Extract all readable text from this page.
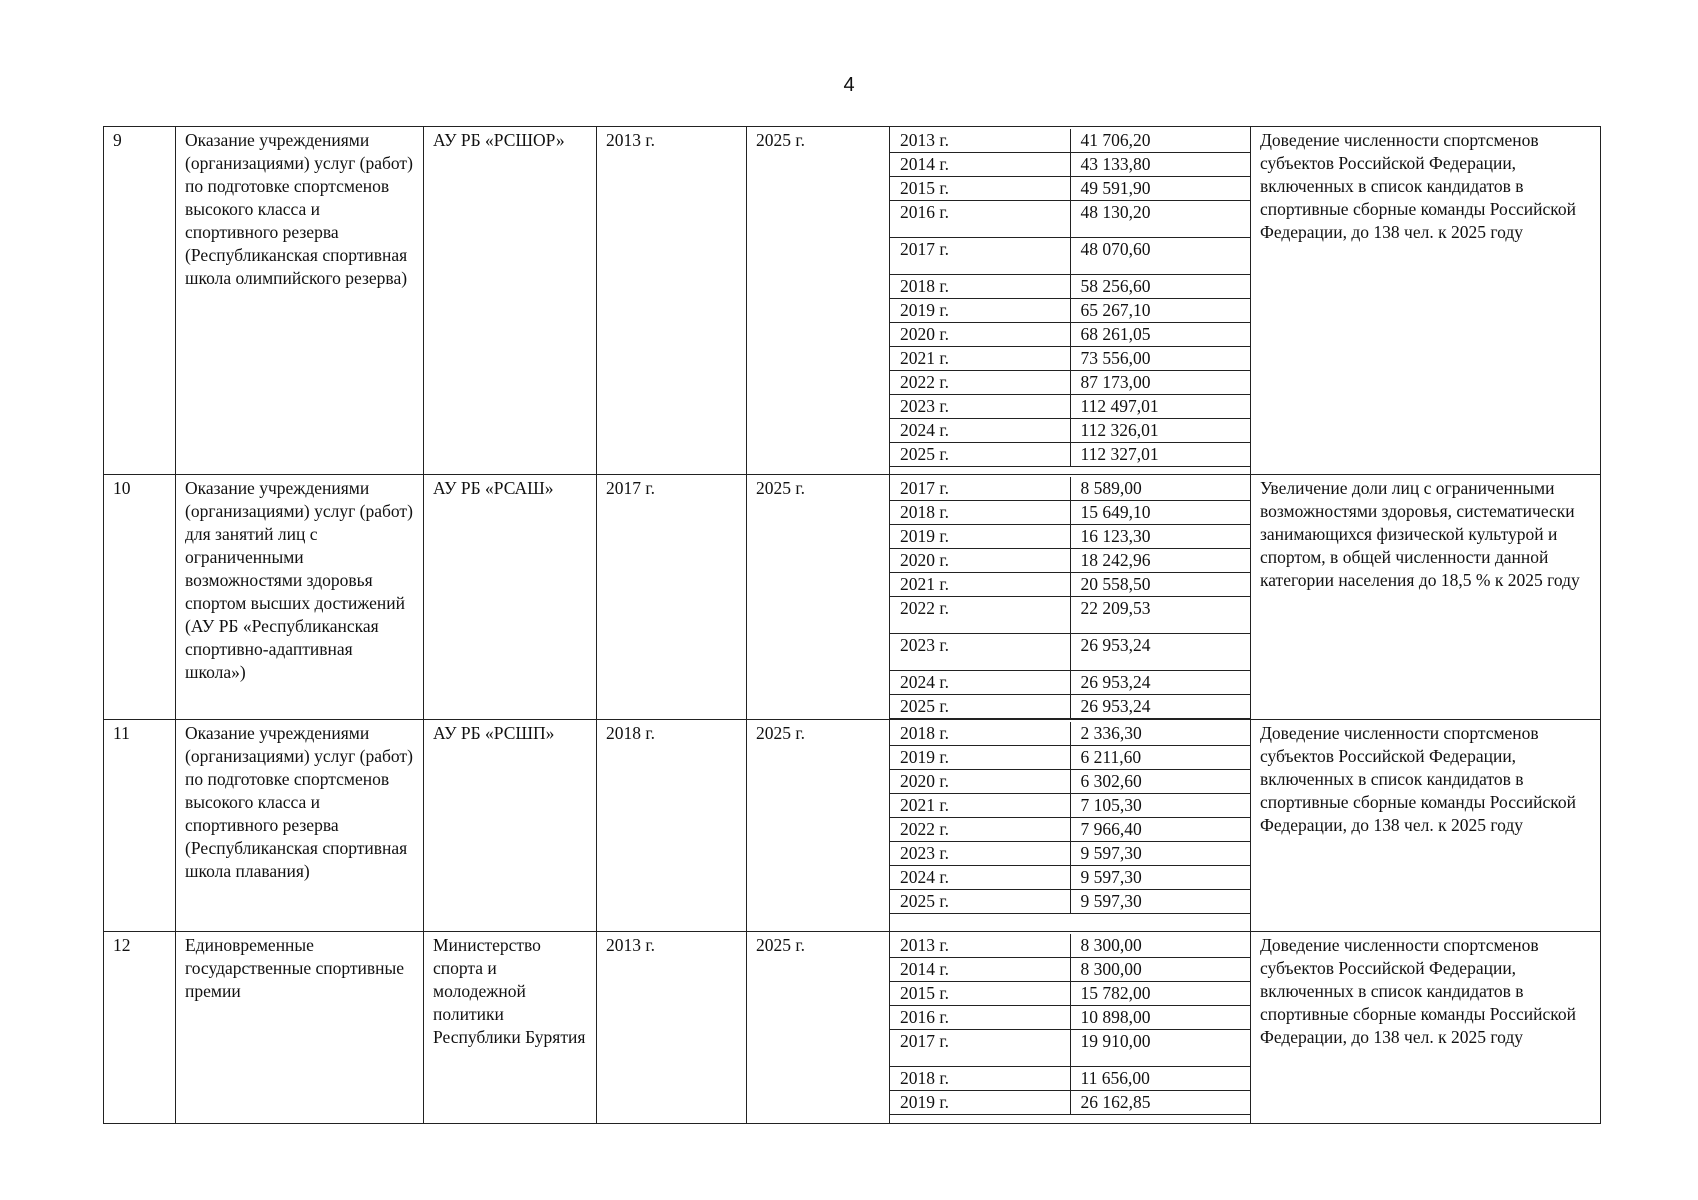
4
9	Оказание учреждениями (организациями) услуг (работ) по подготовке спортсменов высокого класса и спортивного резерва (Республиканская спортивная школа олимпийского резерва)	АУ РБ «РСШОР»	2013 г.	2025 г.		2013 г.	41 706,20
2014 г.	43 133,80
2015 г.	49 591,90
2016 г.	48 130,20
2017 г.	48 070,60
2018 г.	58 256,60
2019 г.	65 267,10
2020 г.	68 261,05
2021 г.	73 556,00
2022 г.	87 173,00
2023 г.	112 497,01
2024 г.	112 326,01
2025 г.	112 327,01
	Доведение численности спортсменов субъектов Российской Федерации, включенных в список кандидатов в спортивные сборные команды Российской Федерации, до 138 чел. к 2025 году
10	Оказание учреждениями (организациями) услуг (работ) для занятий лиц с ограниченными возможностями здоровья спортом высших достижений (АУ РБ «Республиканская спортивно-адаптивная школа»)	АУ РБ «РСАШ»	2017 г.	2025 г.		2017 г.	8 589,00
2018 г.	15 649,10
2019 г.	16 123,30
2020 г.	18 242,96
2021 г.	20 558,50
2022 г.	22 209,53
2023 г.	26 953,24
2024 г.	26 953,24
2025 г.	26 953,24
	Увеличение доли лиц с ограниченными возможностями здоровья, систематически занимающихся физической культурой и спортом, в общей численности данной категории населения до 18,5 % к 2025 году
11	Оказание учреждениями (организациями) услуг (работ) по подготовке спортсменов высокого класса и спортивного резерва (Республиканская спортивная школа плавания)	АУ РБ «РСШП»	2018 г.	2025 г.		2018 г.	2 336,30
2019 г.	6 211,60
2020 г.	6 302,60
2021 г.	7 105,30
2022 г.	7 966,40
2023 г.	9 597,30
2024 г.	9 597,30
2025 г.	9 597,30
	Доведение численности спортсменов субъектов Российской Федерации, включенных в список кандидатов в спортивные сборные команды Российской Федерации, до 138 чел. к 2025 году
12	Единовременные государственные спортивные премии	Министерство спорта и молодежной политики Республики Бурятия	2013 г.	2025 г.		2013 г.	8 300,00
2014 г.	8 300,00
2015 г.	15 782,00
2016 г.	10 898,00
2017 г.	19 910,00
2018 г.	11 656,00
2019 г.	26 162,85
	Доведение численности спортсменов субъектов Российской Федерации, включенных в список кандидатов в спортивные сборные команды Российской Федерации, до 138 чел. к 2025 году
